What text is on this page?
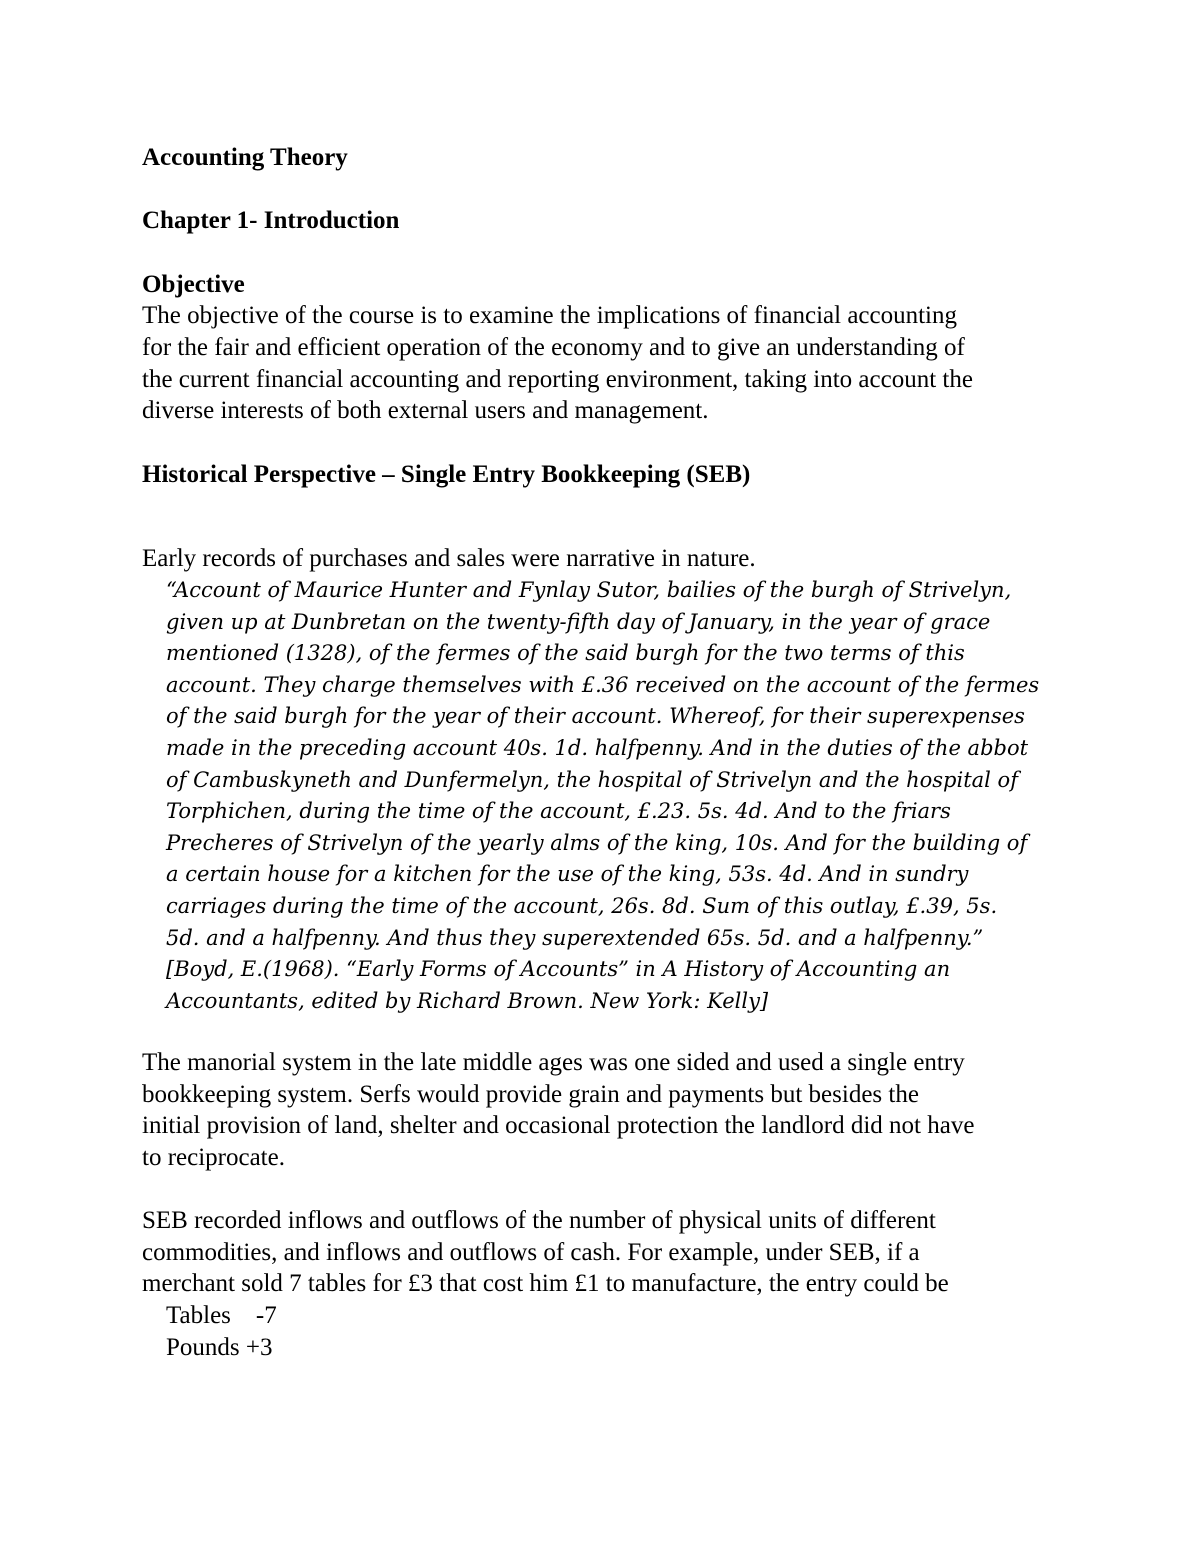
Accounting Theory
Chapter 1- Introduction
Objective
The objective of the course is to examine the implications of financial accounting
for the fair and efficient operation of the economy and to give an understanding of
the current financial accounting and reporting environment, taking into account the
diverse interests of both external users and management.
Historical Perspective – Single Entry Bookkeeping (SEB)
Early records of purchases and sales were narrative in nature.
“Account of Maurice Hunter and Fynlay Sutor, bailies of the burgh of Strivelyn,
given up at Dunbretan on the twenty-fifth day of January, in the year of grace
mentioned (1328), of the fermes of the said burgh for the two terms of this
account. They charge themselves with £.36 received on the account of the fermes
of the said burgh for the year of their account. Whereof, for their superexpenses
made in the preceding account 40s. 1d. halfpenny. And in the duties of the abbot
of Cambuskyneth and Dunfermelyn, the hospital of Strivelyn and the hospital of
Torphichen, during the time of the account, £.23. 5s. 4d. And to the friars
Precheres of Strivelyn of the yearly alms of the king, 10s. And for the building of
a certain house for a kitchen for the use of the king, 53s. 4d. And in sundry
carriages during the time of the account, 26s. 8d. Sum of this outlay, £.39, 5s.
5d. and a halfpenny. And thus they superextended 65s. 5d. and a halfpenny.”
[Boyd, E.(1968). “Early Forms of Accounts” in A History of Accounting an
Accountants, edited by Richard Brown. New York: Kelly]
The manorial system in the late middle ages was one sided and used a single entry
bookkeeping system. Serfs would provide grain and payments but besides the
initial provision of land, shelter and occasional protection the landlord did not have
to reciprocate.
SEB recorded inflows and outflows of the number of physical units of different
commodities, and inflows and outflows of cash. For example, under SEB, if a
merchant sold 7 tables for £3 that cost him £1 to manufacture, the entry could be
Tables    -7
Pounds +3
